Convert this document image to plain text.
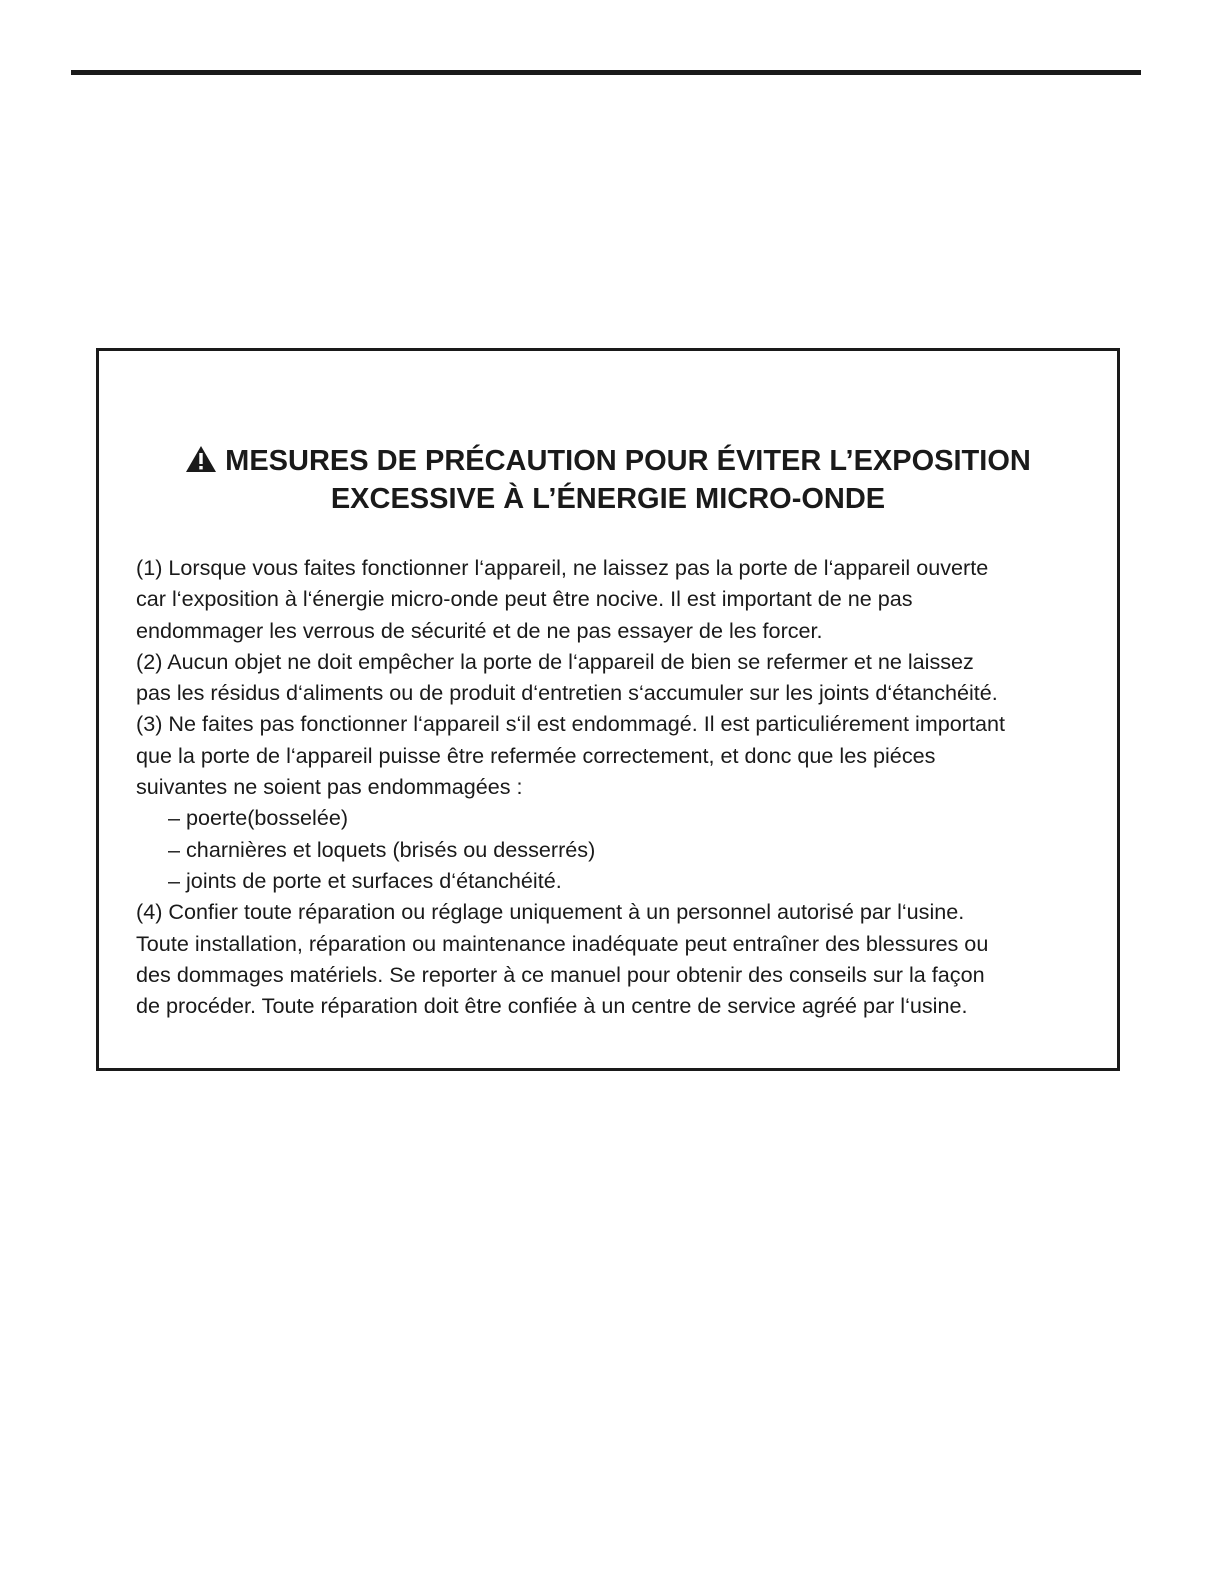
MESURES DE PRÉCAUTION POUR ÉVITER L’EXPOSITION
EXCESSIVE À L’ÉNERGIE MICRO-ONDE
(1) Lorsque vous faites fonctionner l‘appareil, ne laissez pas la porte de l‘appareil ouverte
car l‘exposition à l‘énergie micro-onde peut être nocive. Il est important de ne pas
endommager les verrous de sécurité et de ne pas essayer de les forcer.
(2) Aucun objet ne doit empêcher la porte de l‘appareil de bien se refermer et ne laissez
pas les résidus d‘aliments ou de produit d‘entretien s‘accumuler sur les joints d‘étanchéité.
(3) Ne faites pas fonctionner l‘appareil s‘il est endommagé. Il est particuliérement important
que la porte de l‘appareil puisse être refermée correctement, et donc que les piéces
suivantes ne soient pas endommagées :
– poerte(bosselée)
– charnières et loquets (brisés ou desserrés)
– joints de porte et surfaces d‘étanchéité.
(4) Confier toute réparation ou réglage uniquement à un personnel autorisé par l‘usine.
Toute installation, réparation ou maintenance inadéquate peut entraîner des blessures ou
des dommages matériels. Se reporter à ce manuel pour obtenir des conseils sur la façon
de procéder. Toute réparation doit être confiée à un centre de service agréé par l‘usine.
